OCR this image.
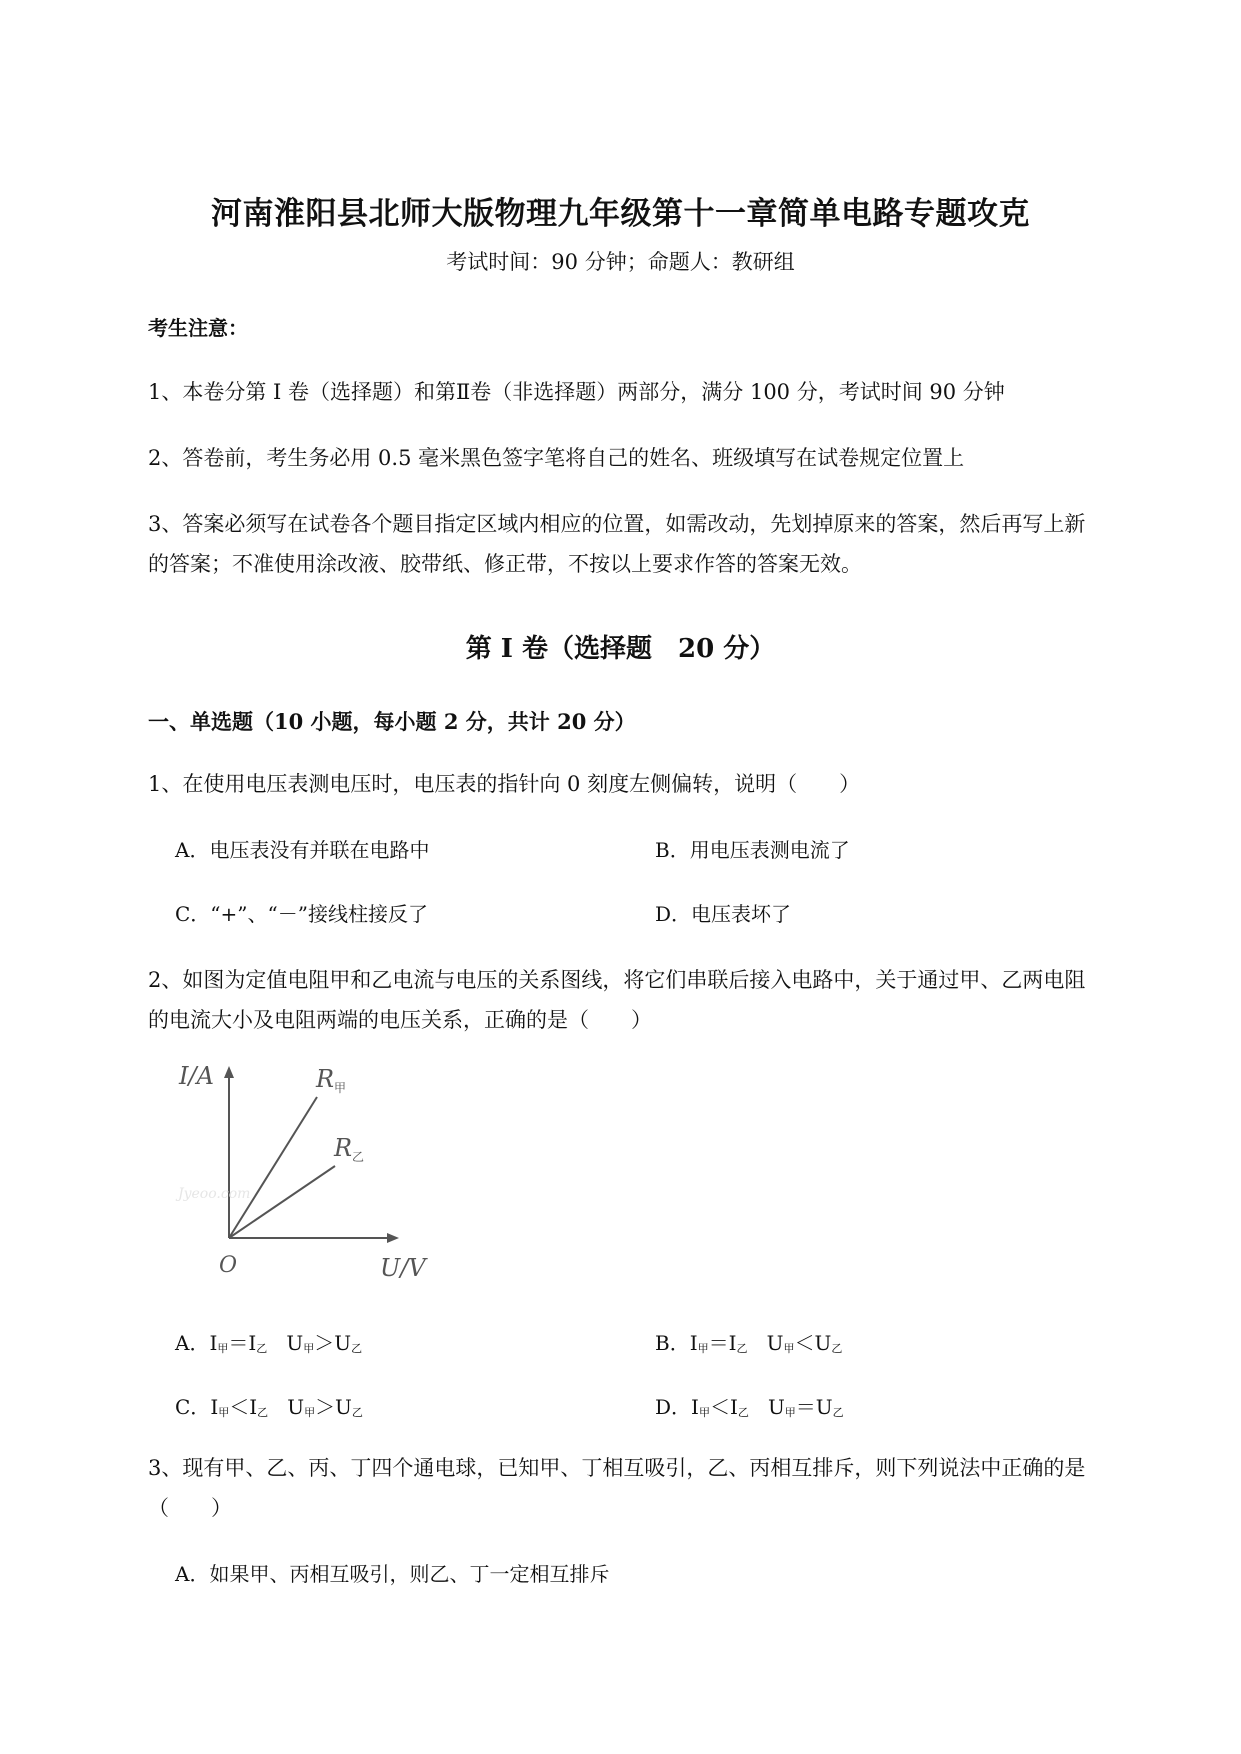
河南淮阳县北师大版物理九年级第十一章简单电路专题攻克
考试时间：90 分钟；命题人：教研组
考生注意：
1、本卷分第 I 卷（选择题）和第Ⅱ卷（非选择题）两部分，满分 100 分，考试时间 90 分钟
2、答卷前，考生务必用 0.5 毫米黑色签字笔将自己的姓名、班级填写在试卷规定位置上
3、答案必须写在试卷各个题目指定区域内相应的位置，如需改动，先划掉原来的答案，然后再写上新
的答案；不准使用涂改液、胶带纸、修正带，不按以上要求作答的答案无效。
第 I 卷（选择题　20 分）
一、单选题（10 小题，每小题 2 分，共计 20 分）
1、在使用电压表测电压时，电压表的指针向 0 刻度左侧偏转，说明（　　）
A．电压表没有并联在电路中	B．用电压表测电流了
C．“+”、“－”接线柱接反了	D．电压表坏了
2、如图为定值电阻甲和乙电流与电压的关系图线，将它们串联后接入电路中，关于通过甲、乙两电阻
的电流大小及电阻两端的电压关系，正确的是（　　）
I/A
U/V
O
R 甲
R 乙
Jyeoo.com
A．I甲＝I乙 U甲＞U乙	B．I甲＝I乙 U甲＜U乙
C．I甲＜I乙 U甲＞U乙	D．I甲＜I乙 U甲＝U乙
3、现有甲、乙、丙、丁四个通电球，已知甲、丁相互吸引，乙、丙相互排斥，则下列说法中正确的是
（　　）
A．如果甲、丙相互吸引，则乙、丁一定相互排斥
